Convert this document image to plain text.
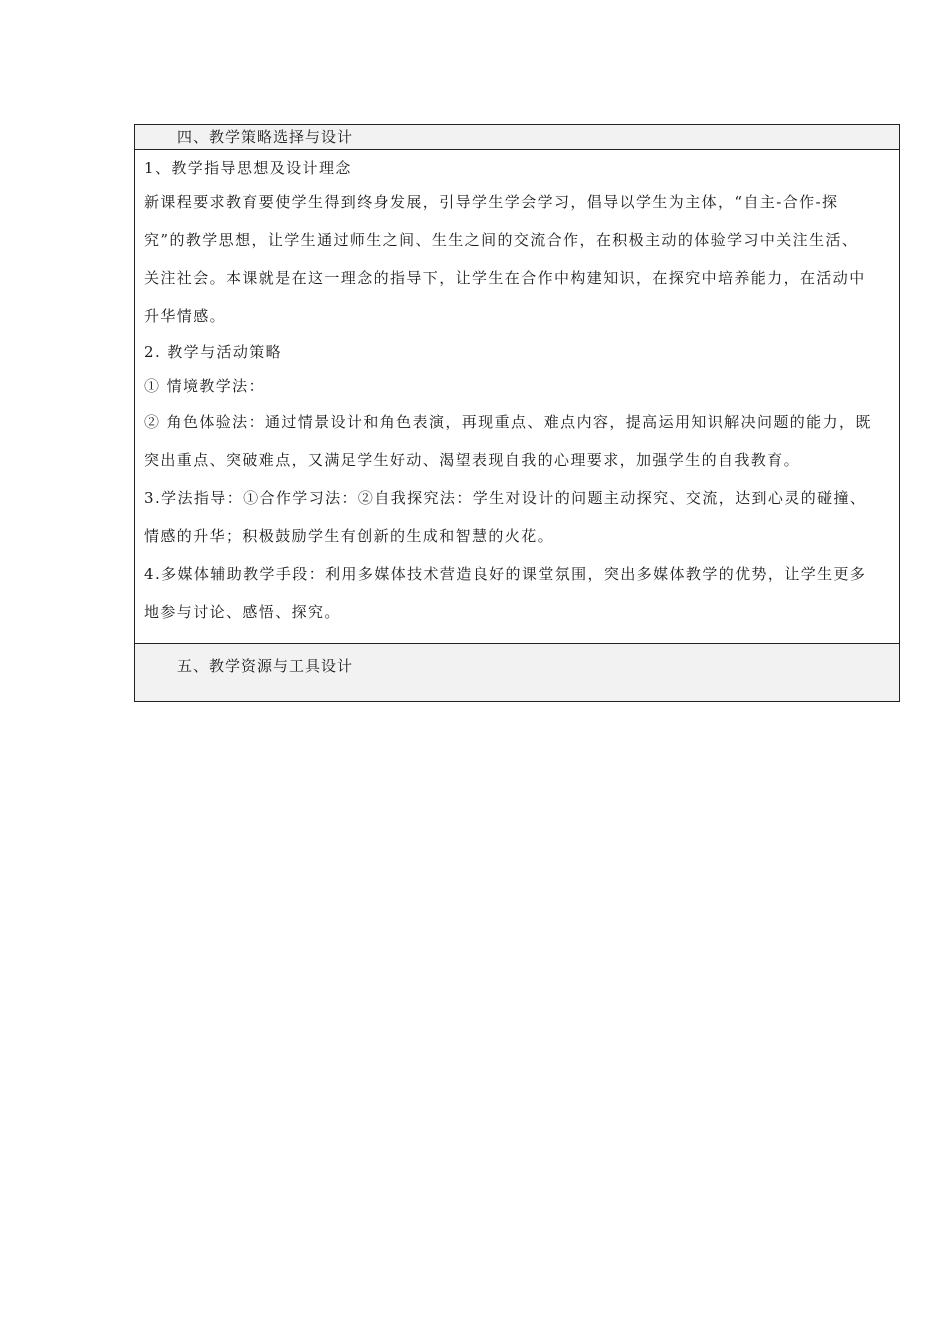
四、教学策略选择与设计
1、教学指导思想及设计理念
新课程要求教育要使学生得到终身发展，引导学生学会学习，倡导以学生为主体，“自主-合作-探
究”的教学思想，让学生通过师生之间、生生之间的交流合作，在积极主动的体验学习中关注生活、
关注社会。本课就是在这一理念的指导下，让学生在合作中构建知识，在探究中培养能力，在活动中
升华情感。
2. 教学与活动策略
① 情境教学法：
② 角色体验法：通过情景设计和角色表演，再现重点、难点内容，提高运用知识解决问题的能力，既
突出重点、突破难点，又满足学生好动、渴望表现自我的心理要求，加强学生的自我教育。
3.学法指导：①合作学习法：②自我探究法：学生对设计的问题主动探究、交流，达到心灵的碰撞、
情感的升华；积极鼓励学生有创新的生成和智慧的火花。
4.多媒体辅助教学手段：利用多媒体技术营造良好的课堂氛围，突出多媒体教学的优势，让学生更多
地参与讨论、感悟、探究。
五、教学资源与工具设计
